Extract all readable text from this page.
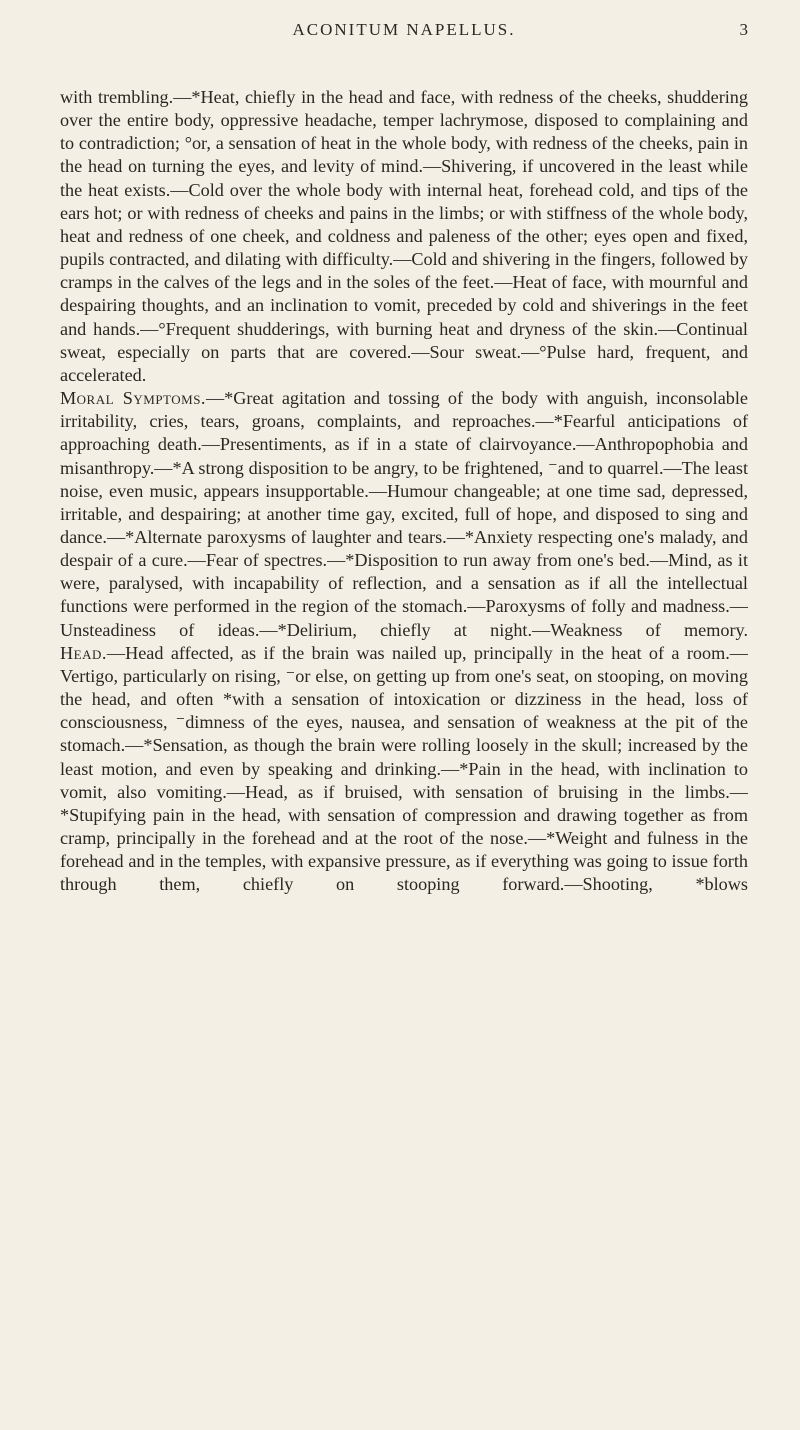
ACONITUM NAPELLUS.	3

with trembling.—*Heat, chiefly in the head and face, with redness of the cheeks, shuddering over the entire body, oppressive headache, temper lachrymose, disposed to complaining and to contradiction; °or, a sensation of heat in the whole body, with redness of the cheeks, pain in the head on turning the eyes, and levity of mind.—Shivering, if uncovered in the least while the heat exists.—Cold over the whole body with internal heat, forehead cold, and tips of the ears hot; or with redness of cheeks and pains in the limbs; or with stiffness of the whole body, heat and redness of one cheek, and coldness and paleness of the other; eyes open and fixed, pupils contracted, and dilating with difficulty.—Cold and shivering in the fingers, followed by cramps in the calves of the legs and in the soles of the feet.—Heat of face, with mournful and despairing thoughts, and an inclination to vomit, preceded by cold and shiverings in the feet and hands.—°Frequent shudderings, with burning heat and dryness of the skin.—Continual sweat, especially on parts that are covered.—Sour sweat.—°Pulse hard, frequent, and accelerated.

Moral Symptoms.—*Great agitation and tossing of the body with anguish, inconsolable irritability, cries, tears, groans, complaints, and reproaches.—*Fearful anticipations of approaching death.—Presentiments, as if in a state of clairvoyance.—Anthropophobia and misanthropy.—*A strong disposition to be angry, to be frightened, ⁻and to quarrel.—The least noise, even music, appears insupportable.—Humour changeable; at one time sad, depressed, irritable, and despairing; at another time gay, excited, full of hope, and disposed to sing and dance.—*Alternate paroxysms of laughter and tears.—*Anxiety respecting one's malady, and despair of a cure.—Fear of spectres.—*Disposition to run away from one's bed.—Mind, as it were, paralysed, with incapability of reflection, and a sensation as if all the intellectual functions were performed in the region of the stomach.—Paroxysms of folly and madness.—Unsteadiness of ideas.—*Delirium, chiefly at night.—Weakness of memory.

Head.—Head affected, as if the brain was nailed up, principally in the heat of a room.—Vertigo, particularly on rising, ⁻or else, on getting up from one's seat, on stooping, on moving the head, and often *with a sensation of intoxication or dizziness in the head, loss of consciousness, ⁻dimness of the eyes, nausea, and sensation of weakness at the pit of the stomach.—*Sensation, as though the brain were rolling loosely in the skull; increased by the least motion, and even by speaking and drinking.—*Pain in the head, with inclination to vomit, also vomiting.—Head, as if bruised, with sensation of bruising in the limbs.—*Stupifying pain in the head, with sensation of compression and drawing together as from cramp, principally in the forehead and at the root of the nose.—*Weight and fulness in the forehead and in the temples, with expansive pressure, as if everything was going to issue forth through them, chiefly on stooping forward.—Shooting, *blows
